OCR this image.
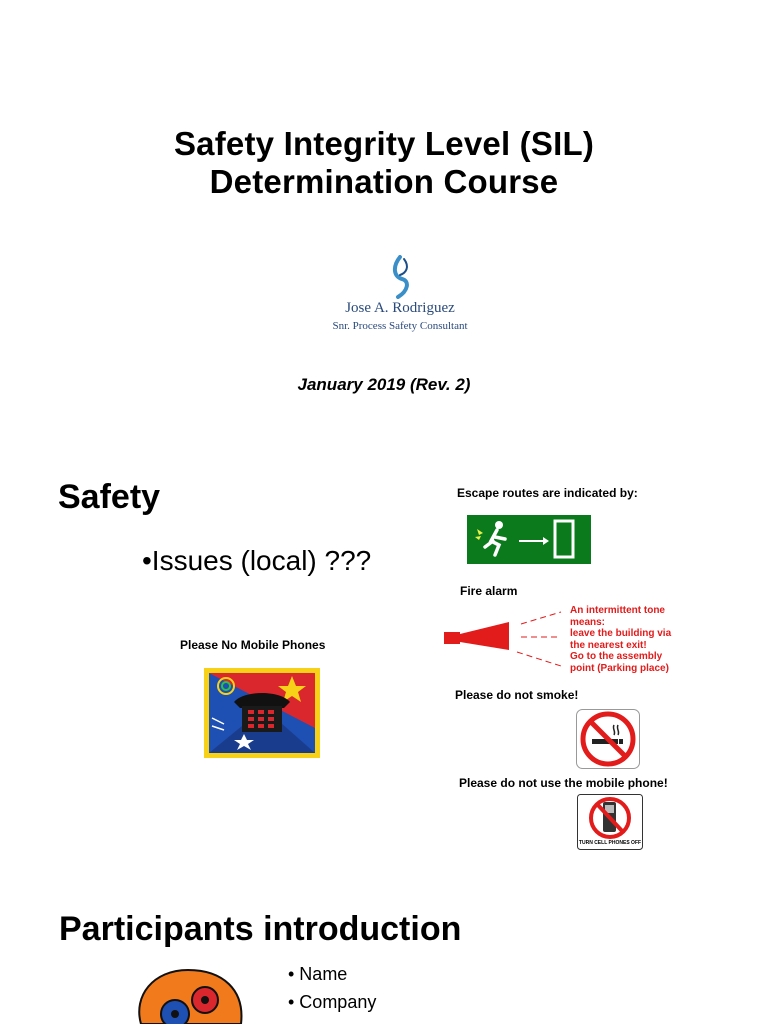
Safety Integrity Level (SIL)
Determination Course
Jose A. Rodriguez
Snr. Process Safety Consultant
January 2019 (Rev. 2)
Safety
•Issues (local) ???
Please No Mobile Phones
Escape routes are indicated by:
Fire alarm
An intermittent tone
means:
leave the building via
the nearest exit!
Go to the assembly
point (Parking place)
Please do not smoke!
Please do not use the mobile phone!
TURN CELL PHONES OFF
Participants introduction
• Name
• Company
